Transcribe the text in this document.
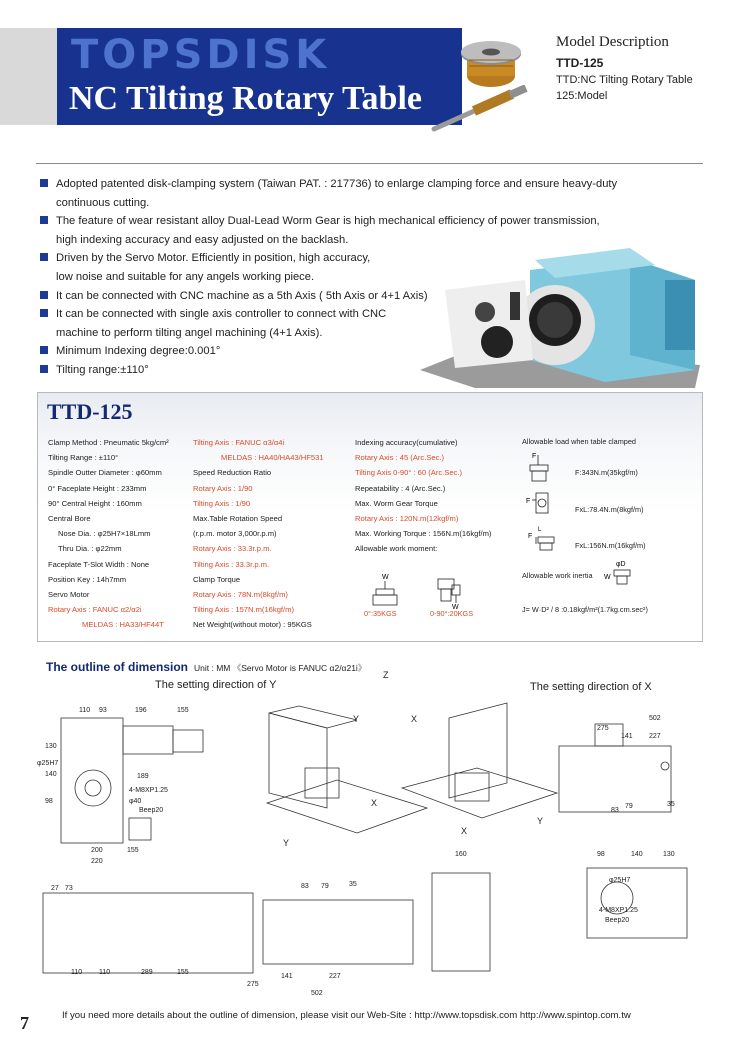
TOPSDISK
NC Tilting Rotary Table
Model Description
TTD-125
TTD:NC Tilting Rotary Table
125:Model
Adopted patented disk-clamping system (Taiwan PAT. : 217736) to enlarge clamping force and ensure heavy-duty
continuous cutting.
The feature of wear resistant alloy Dual-Lead Worm Gear is high mechanical efficiency of power transmission,
high indexing accuracy and easy adjusted on the backlash.
Driven by the Servo Motor. Efficiently in position, high accuracy,
low noise and suitable for any angels working piece.
It can be connected with CNC machine as a 5th Axis ( 5th Axis or 4+1 Axis)
It can be connected with single axis controller to connect with CNC
machine to perform tilting angel machining (4+1 Axis).
Minimum Indexing degree:0.001°
Tilting range:±110°
TTD-125
Clamp Method : Pneumatic 5kg/cm²
Tilting Range : ±110°
Spindle Outter Diameter : φ60mm
0° Faceplate Height : 233mm
90° Central Height : 160mm
Central Bore
Nose Dia. : φ25H7×18Lmm
Thru Dia. : φ22mm
Faceplate T-Slot Width : None
Position Key : 14h7mm
Servo Motor
Rotary Axis : FANUC α2/α2i
MELDAS : HA33/HF44T
Tilting Axis : FANUC α3/α4i
MELDAS : HA40/HA43/HF531
Speed Reduction Ratio
Rotary Axis : 1/90
Tilting Axis : 1/90
Max.Table Rotation Speed
(r.p.m. motor 3,000r.p.m)
Rotary Axis : 33.3r.p.m.
Tilting Axis : 33.3r.p.m.
Clamp Torque
Rotary Axis : 78N.m(8kgf/m)
Tilting Axis : 157N.m(16kgf/m)
Net Weight(without motor) : 95KGS
Indexing accuracy(cumulative)
Rotary Axis : 45 (Arc.Sec.)
Tilting Axis 0-90° : 60 (Arc.Sec.)
Repeatability : 4 (Arc.Sec.)
Max. Worm Gear Torque
Rotary Axis : 120N.m(12kgf/m)
Max. Working Torque : 156N.m(16kgf/m)
Allowable work moment:
W
W
0°:35KGS	0-90°:20KGS
Allowable load when table clamped
F
F
F
L
F:343N.m(35kgf/m)
FxL:78.4N.m(8kgf/m)
FxL:156N.m(16kgf/m)
Allowable work inertia
φD
W
J= W·D² / 8 :0.18kgf/m²(1.7kg.cm.sec²)
The outline of dimension Unit : MM 《Servo Motor is FANUC α2/α21i》
The setting direction of Y	The setting direction of X
110 93	196	155
φ25H7
189
4-M8XP1.25
φ40
Beep20
200	155
220
130
140
98
Z
Y	X
X
Y
X
Y
502
275
141 227
83
79	35
27 73
110 110	289	155
83 79	35
275
141	227
502
160	98	140	130
φ25H7
4-M8XP1.25
Beep20
7	If you need more details about the outline of dimension, please visit our Web-Site : http://www.topsdisk.com http://www.spintop.com.tw
